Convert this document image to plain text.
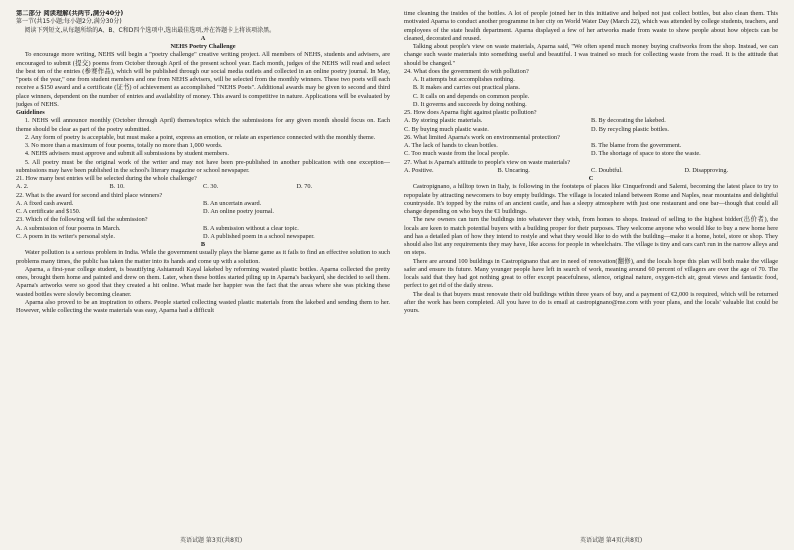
第二部分 阅读理解(共两节,满分40分)

第一节(共15小题;每小题2分,满分30分)

阅读下列短文,从每题所给的A、B、C和D四个选项中,选出最佳选项,并在答题卡上将该项涂黑。

A

NEHS Poetry Challenge

To encourage more writing, NEHS will begin a "poetry challenge" creative writing project. All members of NEHS, students and advisers, are encouraged to submit (提交) poems from October through April of the present school year. Each month, judges of the NEHS will read and select the best ten of the entries (参赛作品), which will be published through our social media outlets and collected in an online poetry journal. In May, "poets of the year," one from student members and one from NEHS advisers, will be selected from the monthly winners. These two poets will each receive a $150 award and a certificate (证书) of achievement as accomplished "NEHS Poets". Additional awards may be given to second and third place winners, dependent on the number of entries and availability of money. This award is competitive in nature. Applications will be evaluated by judges of NEHS.

Guidelines

1. NEHS will announce monthly (October through April) themes/topics which the submissions for any given month should focus on. Each theme should be clear as part of the poetry submitted.

2. Any form of poetry is acceptable, but must make a point, express an emotion, or relate an experience connected with the monthly theme.

3. No more than a maximum of four poems, totally no more than 1,000 words.

4. NEHS advisers must approve and submit all submissions by student members.

5. All poetry must be the original work of the writer and may not have been pre-published in another publication with one exception—submissions may have been published in the school's literary magazine or school newspaper.

21. How many best entries will be selected during the whole challenge?

A. 2.	B. 10.	C. 30.	D. 70.

22. What is the award for second and third place winners?

A. A fixed cash award.	B. An uncertain award.
C. A certificate and $150.	D. An online poetry journal.

23. Which of the following will fail the submission?

A. A submission of four poems in March.	B. A submission without a clear topic.
C. A poem in its writer's personal style.	D. A published poem in a school newspaper.

B

Water pollution is a serious problem in India. While the government usually plays the blame game as it fails to find an effective solution to such problems many times, the public has taken the matter into its hands and come up with a solution.

Aparna, a first-year college student, is beautifying Ashtamudi Kayal lakebed by reforming wasted plastic bottles. Aparna collected the pretty ones, brought them home and painted and drew on them. Later, when these bottles started piling up in Aparna's backyard, she decided to sell them. Aparna's artworks were so good that they created a hit online. What made her happier was the fact that the areas where she was picking these wasted bottles were slowly becoming cleaner.

Aparna also proved to be an inspiration to others. People started collecting wasted plastic materials from the lakebed and sending them to her. However, while collecting the waste materials was easy, Aparna had a difficult

time cleaning the insides of the bottles. A lot of people joined her in this initiative and helped not just collect bottles, but also clean them. This motivated Aparna to conduct another programme in her city on World Water Day (March 22), which was attended by college students, teachers, and employees of the state health department. Aparna displayed a few of her artworks made from waste to show people about how objects can be cleaned, decorated and reused.

Talking about people's view on waste materials, Aparna said, "We often spend much money buying craftworks from the shop. Instead, we can change such waste materials into something useful and beautiful. I was trained so much for collecting waste from the road. It is the attitude that should be changed."

24. What does the government do with pollution?

A. It attempts but accomplishes nothing.

B. It makes and carries out practical plans.

C. It calls on and depends on common people.

D. It governs and succeeds by doing nothing.

25. How does Aparna fight against plastic pollution?

A. By storing plastic materials.	B. By decorating the lakebed.
C. By buying much plastic waste.	D. By recycling plastic bottles.

26. What limited Aparna's work on environmental protection?

A. The lack of hands to clean bottles.	B. The blame from the government.
C. Too much waste from the local people.	D. The shortage of space to store the waste.

27. What is Aparna's attitude to people's view on waste materials?

A. Positive.	B. Uncaring.	C. Doubtful.	D. Disapproving.

C

Castropignano, a hilltop town in Italy, is following in the footsteps of places like Cinquefrondi and Salemi, becoming the latest place to try to repopulate by attracting newcomers to buy empty buildings. The village is located inland between Rome and Naples, near mountains and delightful countryside. It's topped by the ruins of an ancient castle, and has a sleepy atmosphere with just one restaurant and one bar—though that could all change depending on who buys the €1 buildings.

The new owners can turn the buildings into whatever they wish, from homes to shops. Instead of selling to the highest bidder(出价者), the locals are keen to match potential buyers with a building proper for their purposes. They welcome anyone who would like to buy a new home here and has a detailed plan of how they intend to restyle and what they would like to do with the building—make it a home, hotel, store or shop. They should also list any requirements they may have, like access for people in wheelchairs. The village is tiny and cars can't run in the narrow alleys and on steps.

There are around 100 buildings in Castropignano that are in need of renovation(翻修), and the locals hope this plan will both make the village safer and ensure its future. Many younger people have left in search of work, meaning around 60 percent of villagers are over the age of 70. The locals said that they had got nothing great to offer except peacefulness, silence, original nature, oxygen-rich air, great views and fantastic food, perfect to get rid of the daily stress.

The deal is that buyers must renovate their old buildings within three years of buy, and a payment of €2,000 is required, which will be returned after the work has been completed. All you have to do is email at castropignano@me.com with your plans, and the locals' valuable list could be yours.

英语试题 第3页(共8页)	英语试题 第4页(共8页)
